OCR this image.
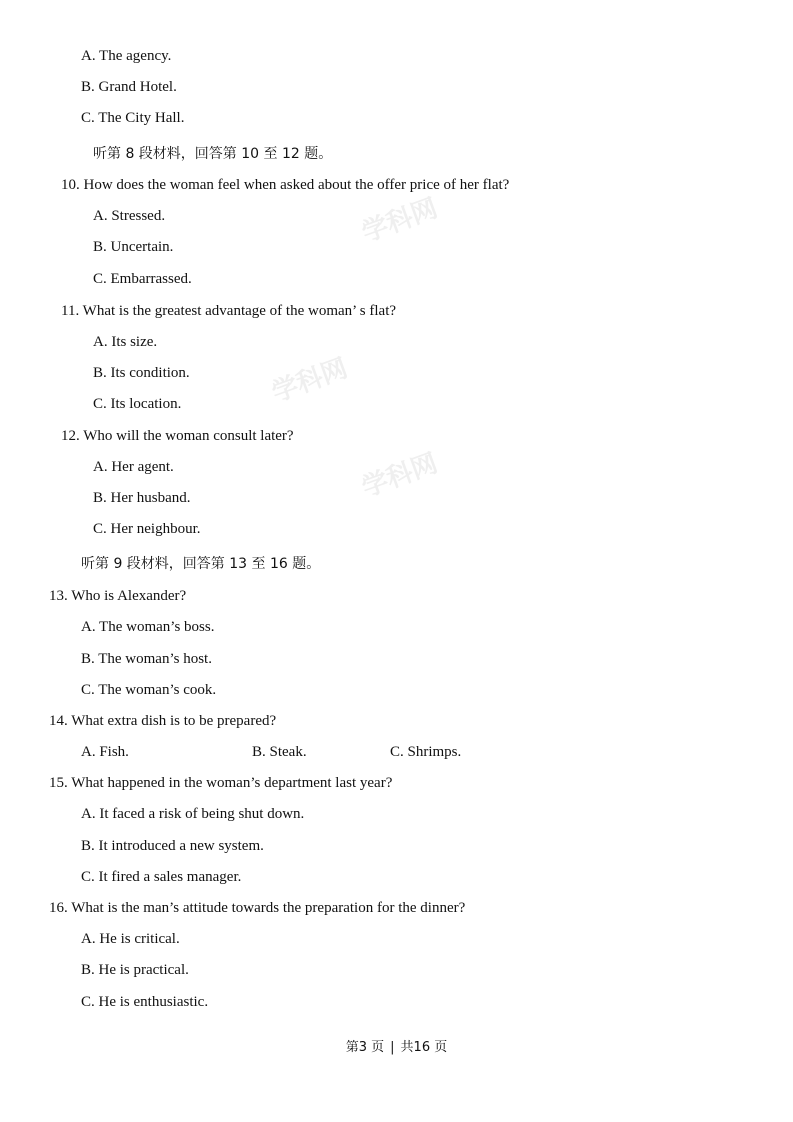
学科网
学科网
学科网
A. The agency.
B. Grand Hotel.
C. The City Hall.
听第 8 段材料，回答第 10 至 12 题。
10. How does the woman feel when asked about the offer price of her flat?
A. Stressed.
B. Uncertain.
C. Embarrassed.
11. What is the greatest advantage of the woman’ s flat?
A. Its size.
B. Its condition.
C. Its location.
12. Who will the woman consult later?
A. Her agent.
B. Her husband.
C. Her neighbour.
听第 9 段材料，回答第 13 至 16 题。
13. Who is Alexander?
A. The woman’s boss.
B. The woman’s host.
C. The woman’s cook.
14. What extra dish is to be prepared?
A. Fish.	B. Steak.	C. Shrimps.
15. What happened in the woman’s department last year?
A. It faced a risk of being shut down.
B. It introduced a new system.
C. It fired a sales manager.
16. What is the man’s attitude towards the preparation for the dinner?
A. He is critical.
B. He is practical.
C. He is enthusiastic.
第3 页 | 共16 页
